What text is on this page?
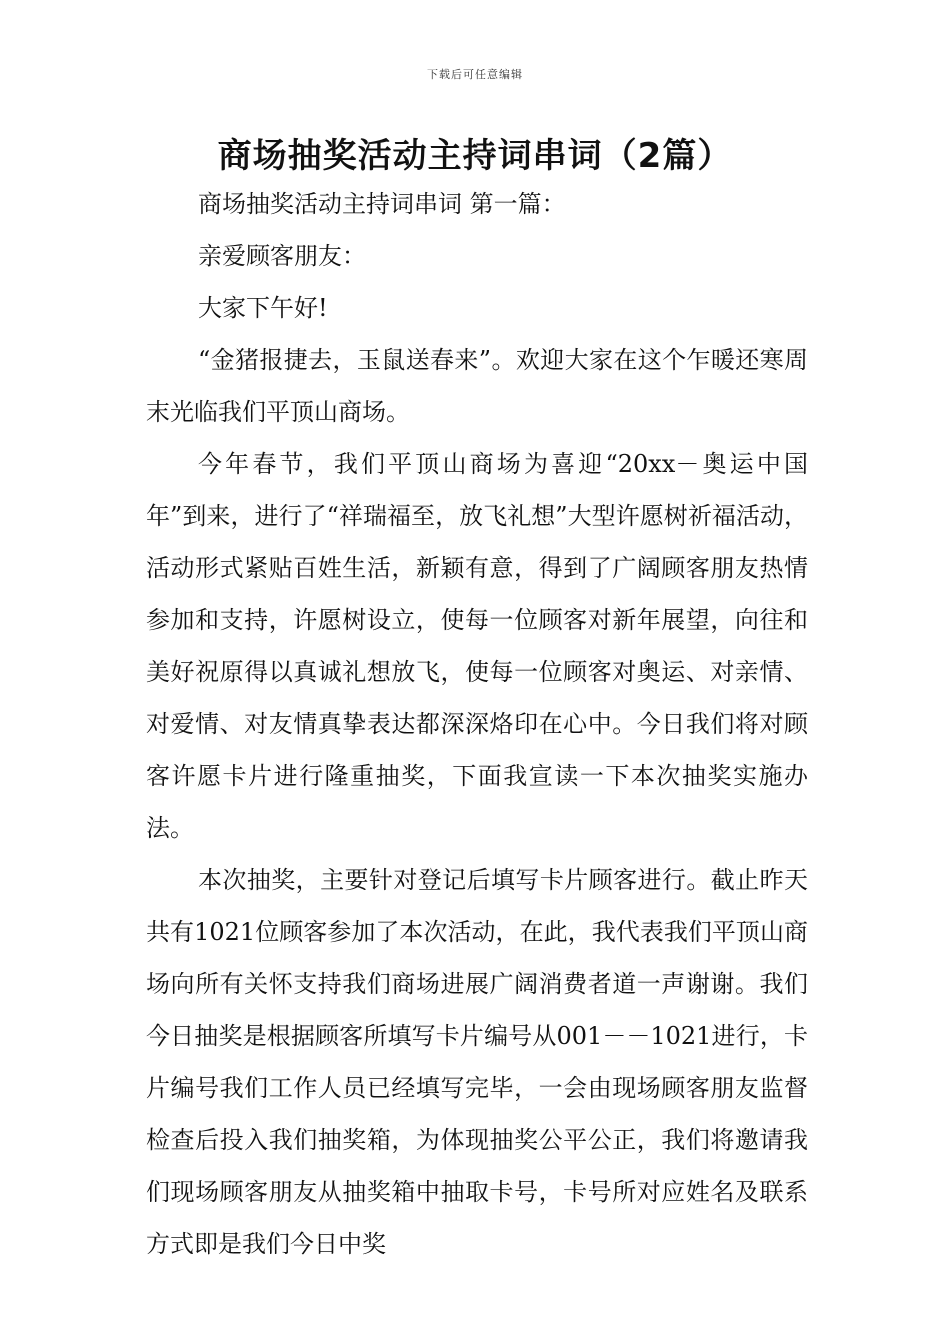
下载后可任意编辑
商场抽奖活动主持词串词（2篇）

商场抽奖活动主持词串词 第一篇：

亲爱顾客朋友：

大家下午好!

“金猪报捷去，玉鼠送春来”。欢迎大家在这个乍暖还寒周末光临我们平顶山商场。

今年春节，我们平顶山商场为喜迎“20xx－奥运中国年”到来，进行了“祥瑞福至，放飞礼想”大型许愿树祈福活动，活动形式紧贴百姓生活，新颖有意，得到了广阔顾客朋友热情参加和支持，许愿树设立，使每一位顾客对新年展望，向往和美好祝原得以真诚礼想放飞，使每一位顾客对奥运、对亲情、对爱情、对友情真挚表达都深深烙印在心中。今日我们将对顾客许愿卡片进行隆重抽奖，下面我宣读一下本次抽奖实施办法。

本次抽奖，主要针对登记后填写卡片顾客进行。截止昨天共有1021位顾客参加了本次活动，在此，我代表我们平顶山商场向所有关怀支持我们商场进展广阔消费者道一声谢谢。我们今日抽奖是根据顾客所填写卡片编号从001－－1021进行，卡片编号我们工作人员已经填写完毕，一会由现场顾客朋友监督检查后投入我们抽奖箱，为体现抽奖公平公正，我们将邀请我们现场顾客朋友从抽奖箱中抽取卡号，卡号所对应姓名及联系方式即是我们今日中奖
